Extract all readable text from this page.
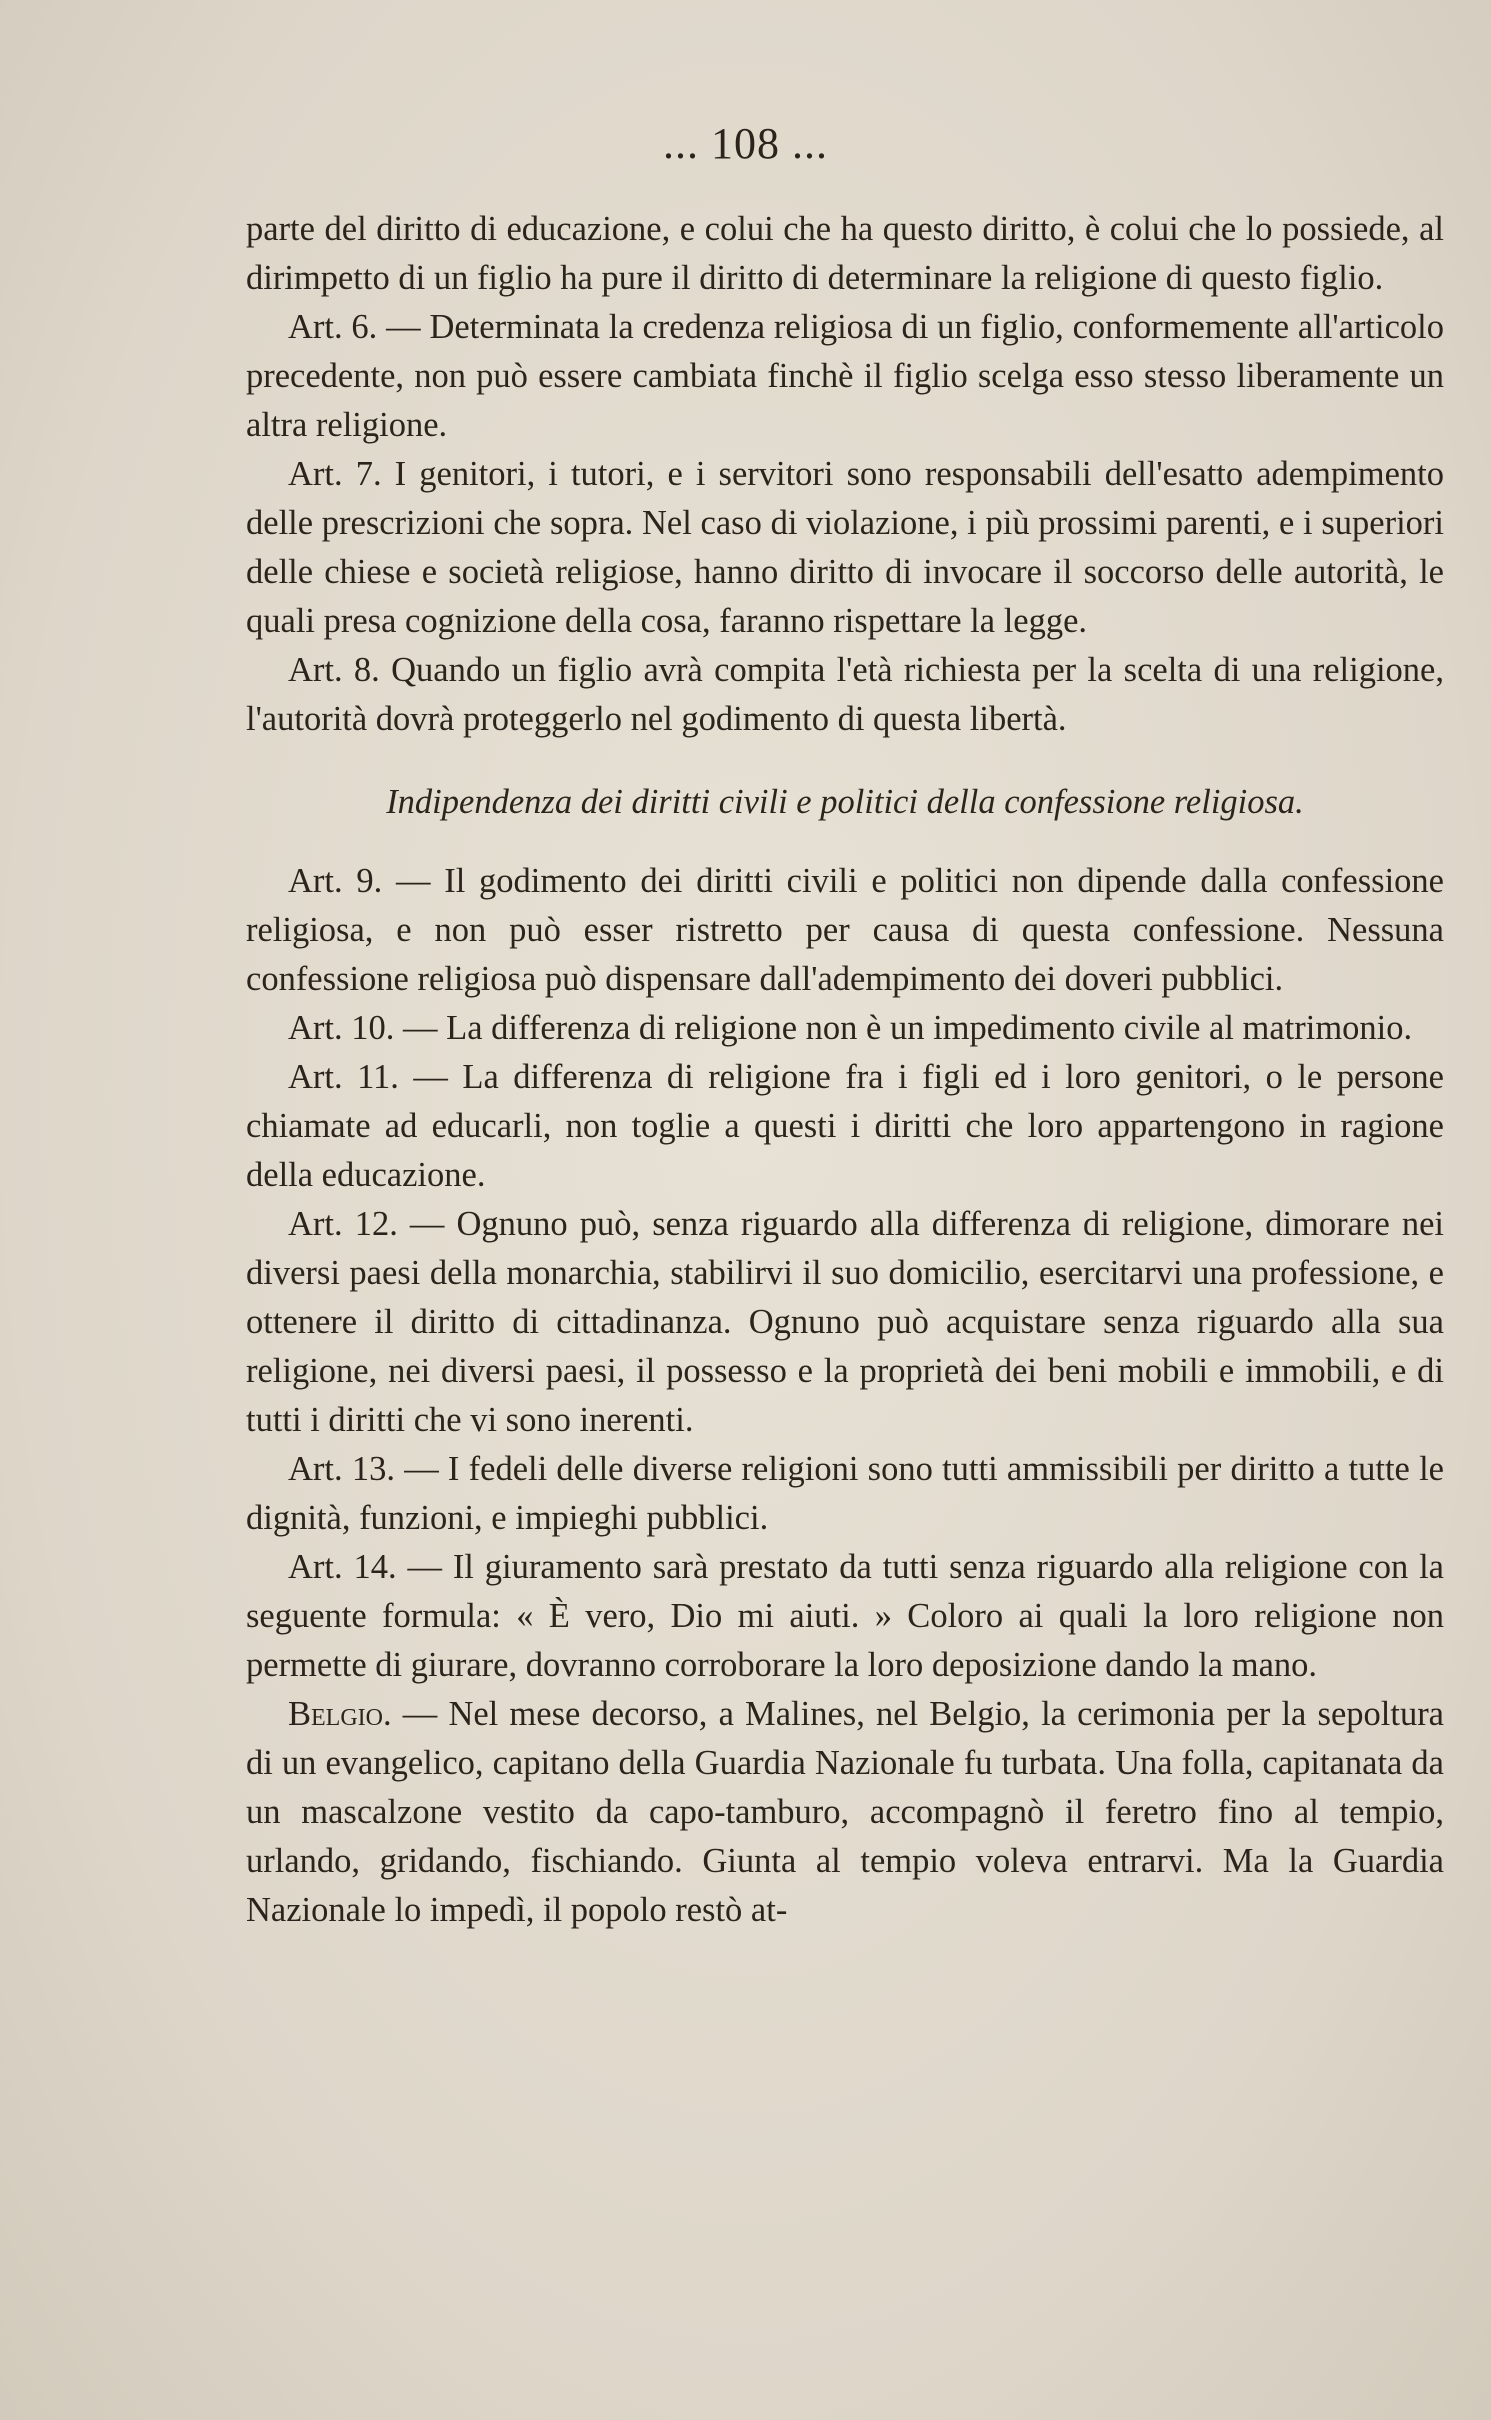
... 108 ...

parte del diritto di educazione, e colui che ha questo diritto, è colui che lo possiede, al dirimpetto di un figlio ha pure il diritto di determinare la religione di questo figlio.

Art. 6. — Determinata la credenza religiosa di un figlio, conformemente all'articolo precedente, non può essere cambiata finchè il figlio scelga esso stesso liberamente un altra religione.

Art. 7. I genitori, i tutori, e i servitori sono responsabili dell'esatto adempimento delle prescrizioni che sopra. Nel caso di violazione, i più prossimi parenti, e i superiori delle chiese e società religiose, hanno diritto di invocare il soccorso delle autorità, le quali presa cognizione della cosa, faranno rispettare la legge.

Art. 8. Quando un figlio avrà compita l'età richiesta per la scelta di una religione, l'autorità dovrà proteggerlo nel godimento di questa libertà.

Indipendenza dei diritti civili e politici della confessione religiosa.

Art. 9. — Il godimento dei diritti civili e politici non dipende dalla confessione religiosa, e non può esser ristretto per causa di questa confessione. Nessuna confessione religiosa può dispensare dall'adempimento dei doveri pubblici.

Art. 10. — La differenza di religione non è un impedimento civile al matrimonio.

Art. 11. — La differenza di religione fra i figli ed i loro genitori, o le persone chiamate ad educarli, non toglie a questi i diritti che loro appartengono in ragione della educazione.

Art. 12. — Ognuno può, senza riguardo alla differenza di religione, dimorare nei diversi paesi della monarchia, stabilirvi il suo domicilio, esercitarvi una professione, e ottenere il diritto di cittadinanza. Ognuno può acquistare senza riguardo alla sua religione, nei diversi paesi, il possesso e la proprietà dei beni mobili e immobili, e di tutti i diritti che vi sono inerenti.

Art. 13. — I fedeli delle diverse religioni sono tutti ammissibili per diritto a tutte le dignità, funzioni, e impieghi pubblici.

Art. 14. — Il giuramento sarà prestato da tutti senza riguardo alla religione con la seguente formula: « È vero, Dio mi aiuti. » Coloro ai quali la loro religione non permette di giurare, dovranno corroborare la loro deposizione dando la mano.

Belgio. — Nel mese decorso, a Malines, nel Belgio, la cerimonia per la sepoltura di un evangelico, capitano della Guardia Nazionale fu turbata. Una folla, capitanata da un mascalzone vestito da capo-tamburo, accompagnò il feretro fino al tempio, urlando, gridando, fischiando. Giunta al tempio voleva entrarvi. Ma la Guardia Nazionale lo impedì, il popolo restò at-
